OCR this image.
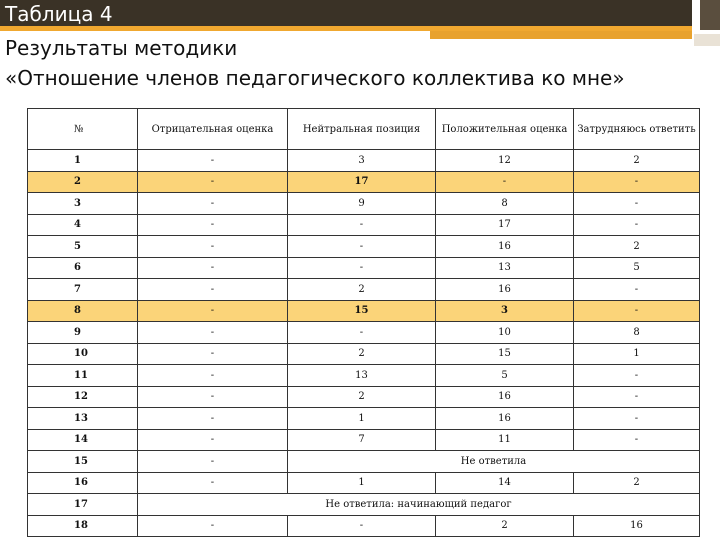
Таблица 4
Результаты методики
«Отношение членов педагогического коллектива ко мне»
№	Отрицательная оценка	Нейтральная позиция	Положительная оценка	Затрудняюсь ответить
1	-	3	12	2
2	-	17	-	-
3	-	9	8	-
4	-	-	17	-
5	-	-	16	2
6	-	-	13	5
7	-	2	16	-
8	-	15	3	-
9	-	-	10	8
10	-	2	15	1
11	-	13	5	-
12	-	2	16	-
13	-	1	16	-
14	-	7	11	-
15	-	Не ответила		
16	-	1	14	2
17	Не ответила: начинающий педагог			
18	-	-	2	16
